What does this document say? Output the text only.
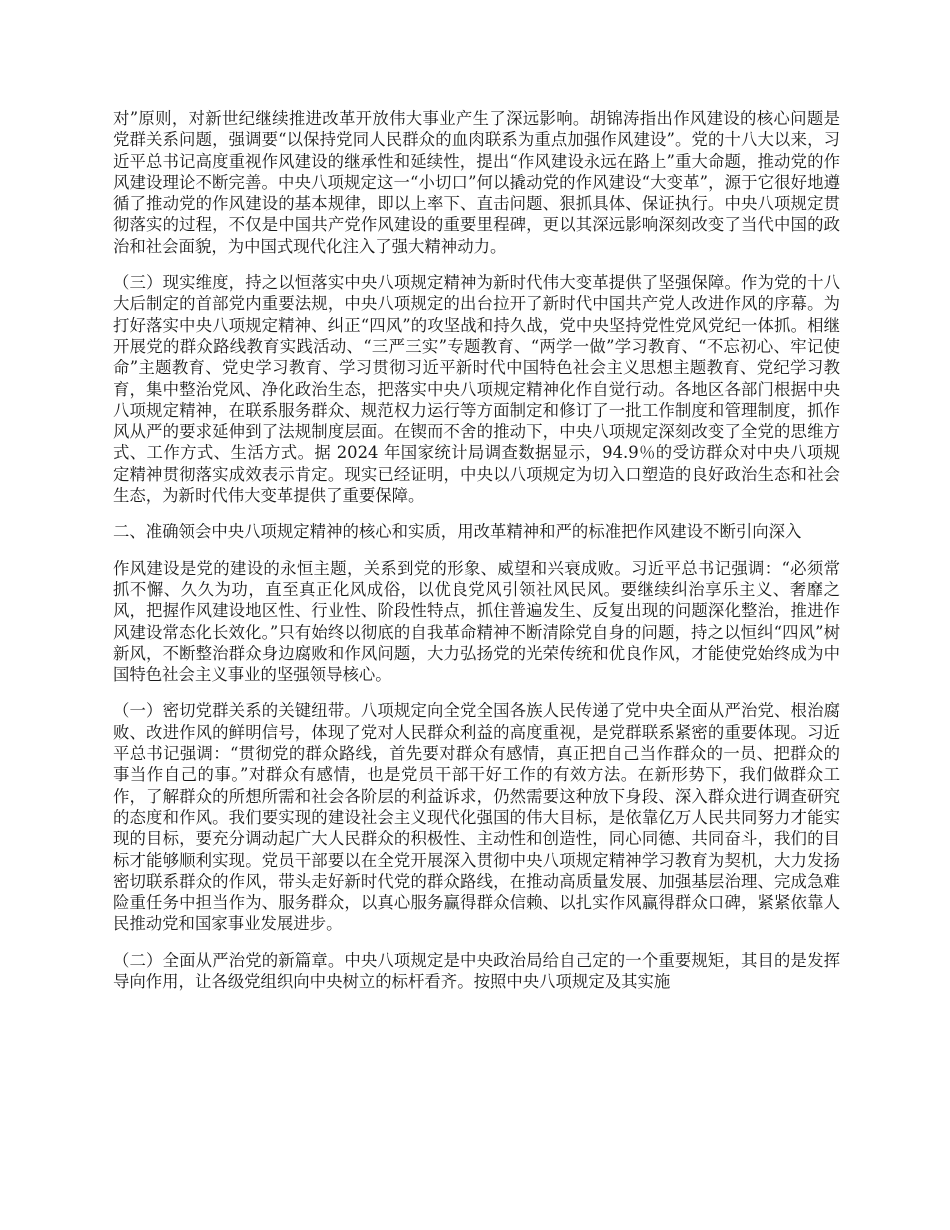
对”原则，对新世纪继续推进改革开放伟大事业产生了深远影响。胡锦涛指出作风建设的核心问题是党群关系问题，强调要“以保持党同人民群众的血肉联系为重点加强作风建设”。党的十八大以来，习近平总书记高度重视作风建设的继承性和延续性，提出“作风建设永远在路上”重大命题，推动党的作风建设理论不断完善。中央八项规定这一“小切口”何以撬动党的作风建设“大变革”，源于它很好地遵循了推动党的作风建设的基本规律，即以上率下、直击问题、狠抓具体、保证执行。中央八项规定贯彻落实的过程，不仅是中国共产党作风建设的重要里程碑，更以其深远影响深刻改变了当代中国的政治和社会面貌，为中国式现代化注入了强大精神动力。

（三）现实维度，持之以恒落实中央八项规定精神为新时代伟大变革提供了坚强保障。作为党的十八大后制定的首部党内重要法规，中央八项规定的出台拉开了新时代中国共产党人改进作风的序幕。为打好落实中央八项规定精神、纠正“四风”的攻坚战和持久战，党中央坚持党性党风党纪一体抓。相继开展党的群众路线教育实践活动、“三严三实”专题教育、“两学一做”学习教育、“不忘初心、牢记使命”主题教育、党史学习教育、学习贯彻习近平新时代中国特色社会主义思想主题教育、党纪学习教育，集中整治党风、净化政治生态，把落实中央八项规定精神化作自觉行动。各地区各部门根据中央八项规定精神，在联系服务群众、规范权力运行等方面制定和修订了一批工作制度和管理制度，抓作风从严的要求延伸到了法规制度层面。在锲而不舍的推动下，中央八项规定深刻改变了全党的思维方式、工作方式、生活方式。据 2024 年国家统计局调查数据显示，94.9％的受访群众对中央八项规定精神贯彻落实成效表示肯定。现实已经证明，中央以八项规定为切入口塑造的良好政治生态和社会生态，为新时代伟大变革提供了重要保障。

二、准确领会中央八项规定精神的核心和实质，用改革精神和严的标准把作风建设不断引向深入

作风建设是党的建设的永恒主题，关系到党的形象、威望和兴衰成败。习近平总书记强调：“必须常抓不懈、久久为功，直至真正化风成俗，以优良党风引领社风民风。要继续纠治享乐主义、奢靡之风，把握作风建设地区性、行业性、阶段性特点，抓住普遍发生、反复出现的问题深化整治，推进作风建设常态化长效化。”只有始终以彻底的自我革命精神不断清除党自身的问题，持之以恒纠“四风”树新风，不断整治群众身边腐败和作风问题，大力弘扬党的光荣传统和优良作风，才能使党始终成为中国特色社会主义事业的坚强领导核心。

（一）密切党群关系的关键纽带。八项规定向全党全国各族人民传递了党中央全面从严治党、根治腐败、改进作风的鲜明信号，体现了党对人民群众利益的高度重视，是党群联系紧密的重要体现。习近平总书记强调：“贯彻党的群众路线，首先要对群众有感情，真正把自己当作群众的一员、把群众的事当作自己的事。”对群众有感情，也是党员干部干好工作的有效方法。在新形势下，我们做群众工作，了解群众的所想所需和社会各阶层的利益诉求，仍然需要这种放下身段、深入群众进行调查研究的态度和作风。我们要实现的建设社会主义现代化强国的伟大目标，是依靠亿万人民共同努力才能实现的目标，要充分调动起广大人民群众的积极性、主动性和创造性，同心同德、共同奋斗，我们的目标才能够顺利实现。党员干部要以在全党开展深入贯彻中央八项规定精神学习教育为契机，大力发扬密切联系群众的作风，带头走好新时代党的群众路线，在推动高质量发展、加强基层治理、完成急难险重任务中担当作为、服务群众，以真心服务赢得群众信赖、以扎实作风赢得群众口碑，紧紧依靠人民推动党和国家事业发展进步。

（二）全面从严治党的新篇章。中央八项规定是中央政治局给自己定的一个重要规矩，其目的是发挥导向作用，让各级党组织向中央树立的标杆看齐。按照中央八项规定及其实施
